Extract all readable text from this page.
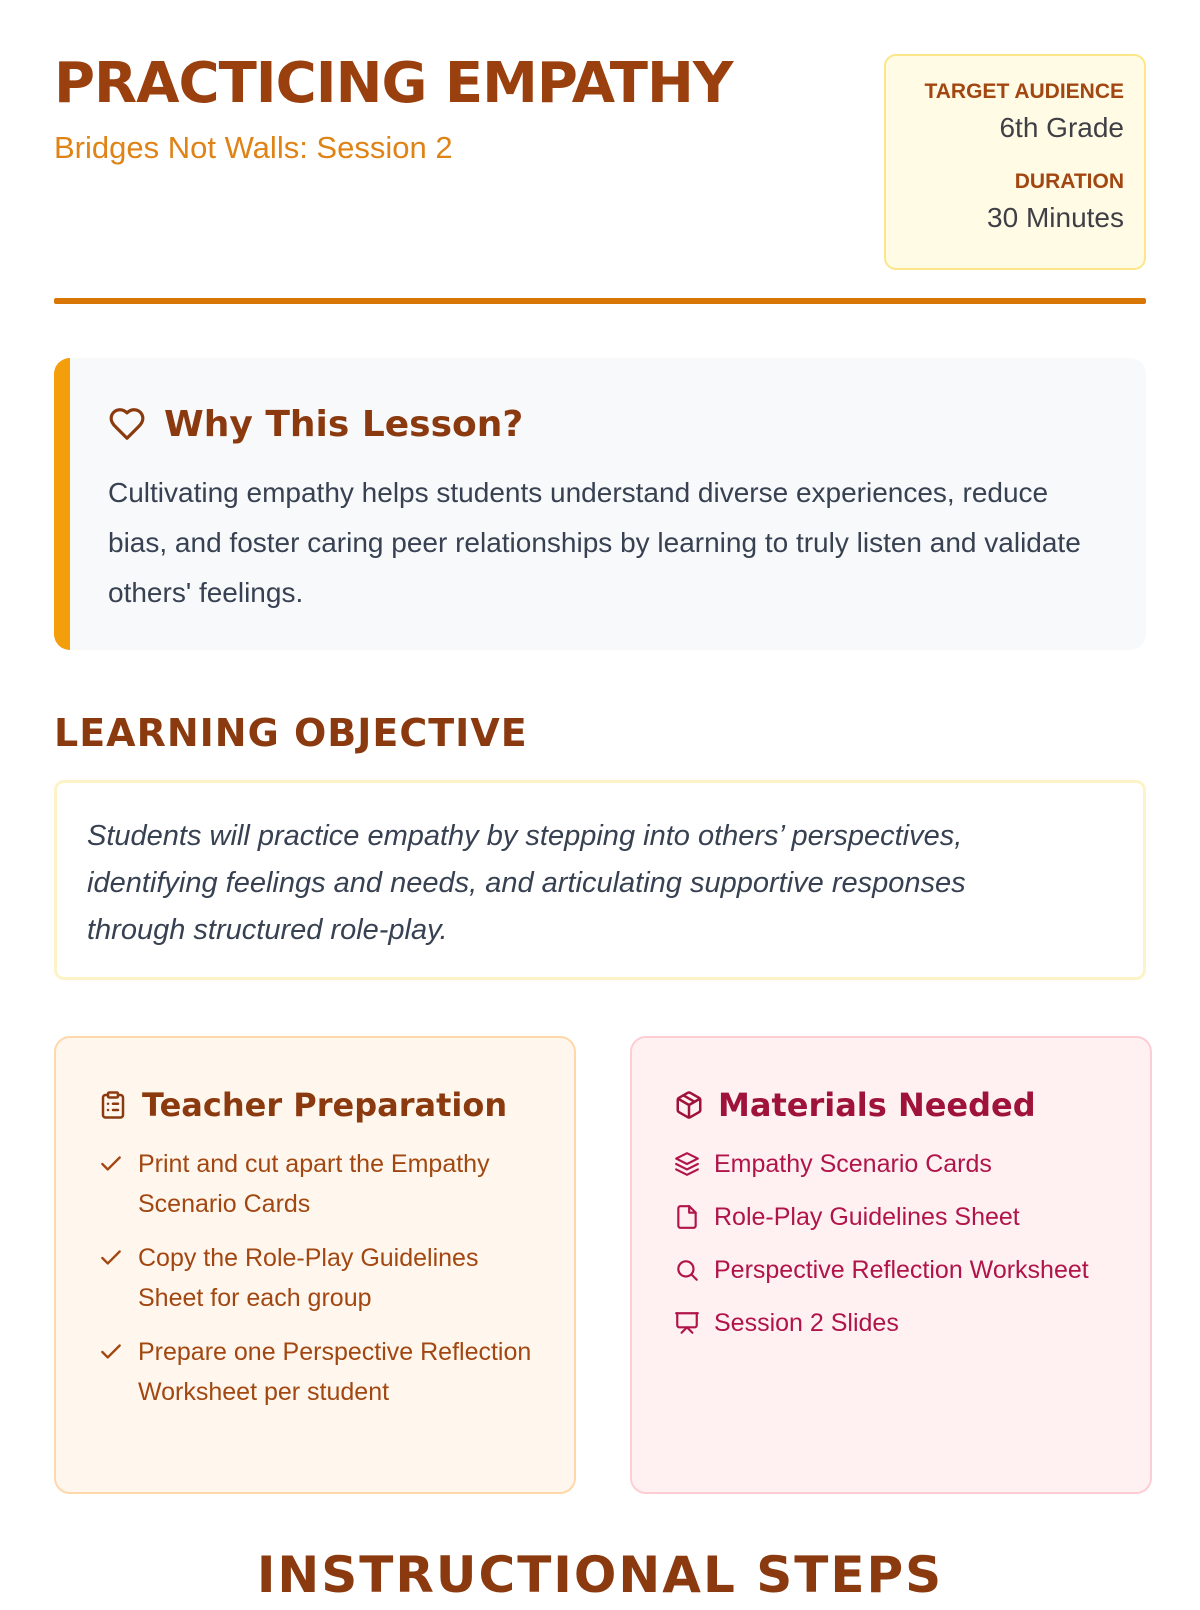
PRACTICING EMPATHY
Bridges Not Walls: Session 2
TARGET AUDIENCE
6th Grade
DURATION
30 Minutes
Why This Lesson?
Cultivating empathy helps students understand diverse experiences, reduce bias, and foster caring peer relationships by learning to truly listen and validate others' feelings.
LEARNING OBJECTIVE
Students will practice empathy by stepping into others’ perspectives, identifying feelings and needs, and articulating supportive responses through structured role-play.
Teacher Preparation
Print and cut apart the Empathy Scenario Cards
Copy the Role-Play Guidelines Sheet for each group
Prepare one Perspective Reflection Worksheet per student
Materials Needed
Empathy Scenario Cards
Role-Play Guidelines Sheet
Perspective Reflection Worksheet
Session 2 Slides
INSTRUCTIONAL STEPS
